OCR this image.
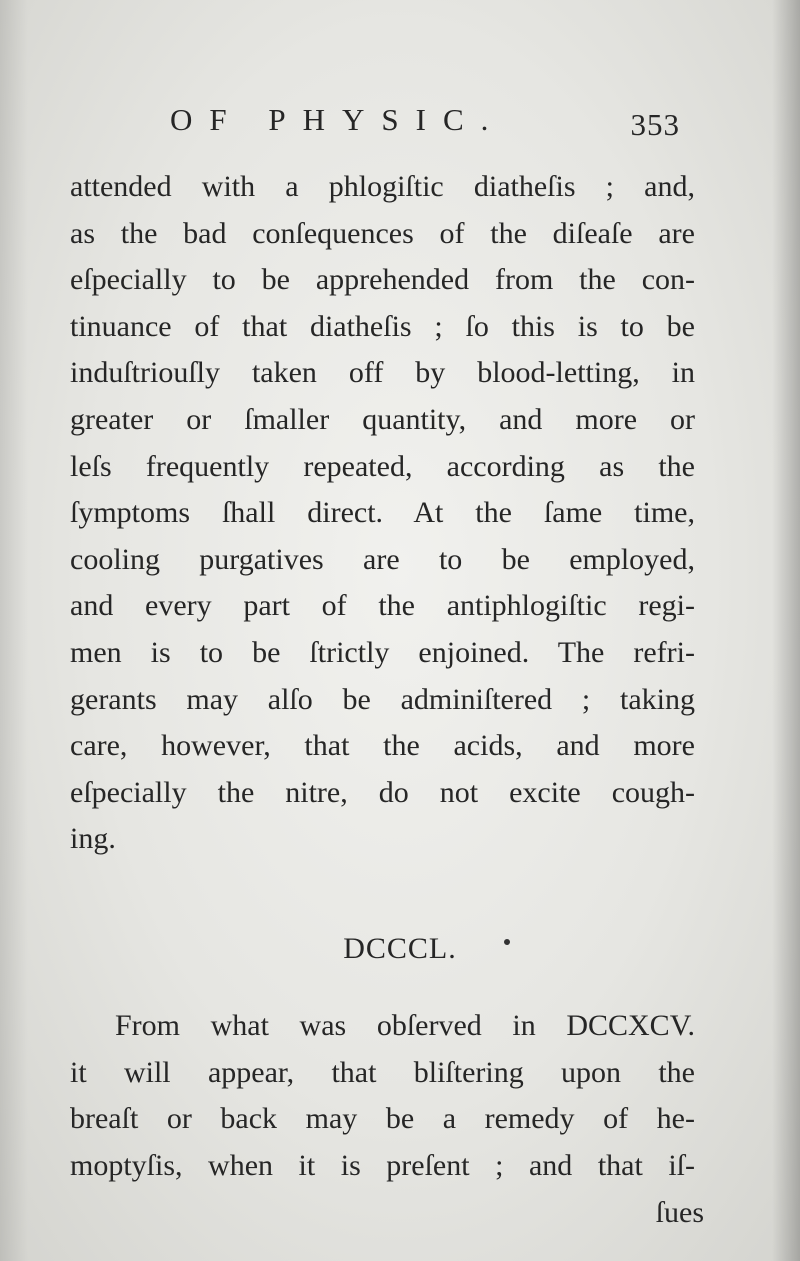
OF PHYSIC.	353
attended with a phlogiſtic diatheſis ; and,
as the bad conſequences of the diſeaſe are
eſpecially to be apprehended from the con-
tinuance of that diatheſis ; ſo this is to be
induſtriouſly taken off by blood-letting, in
greater or ſmaller quantity, and more or
leſs frequently repeated, according as the
ſymptoms ſhall direct. At the ſame time,
cooling purgatives are to be employed,
and every part of the antiphlogiſtic regi-
men is to be ſtrictly enjoined. The refri-
gerants may alſo be adminiſtered ; taking
care, however, that the acids, and more
eſpecially the nitre, do not excite cough-
ing.
DCCCL.
From what was obſerved in DCCXCV.
it will appear, that bliſtering upon the
breaſt or back may be a remedy of he-
moptyſis, when it is preſent ; and that iſ-
ſues
